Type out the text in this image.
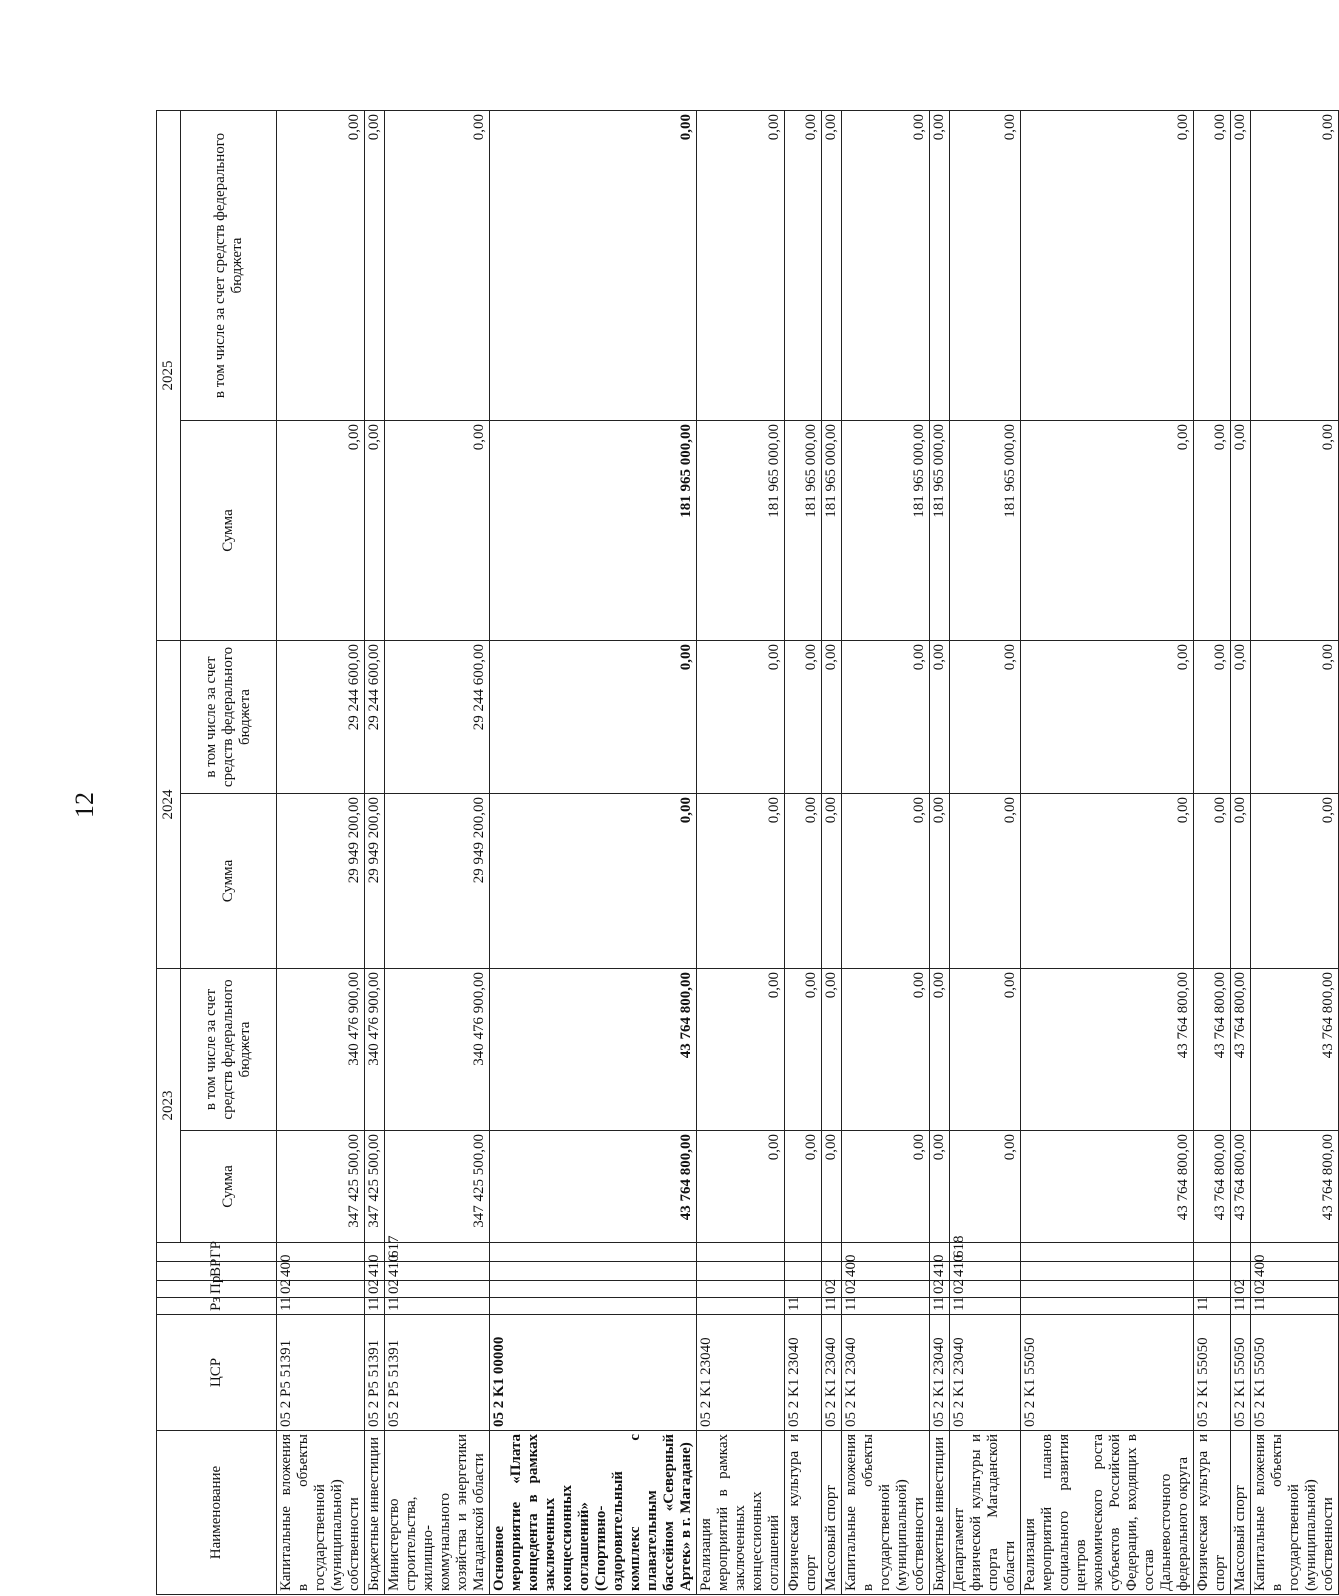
12
Наименование	ЦСР	Рз	Пр	ВР	ГР	2023		2024		2025	
						Сумма	в том числе за счет средств федерального бюджета	Сумма	в том числе за счет средств федерального бюджета	Сумма	в том числе за счет средств федерального бюджета
Капитальные вложения в объекты государственной (муниципальной) собственности	05 2 P5 51391	11	02	400		347 425 500,00	340 476 900,00	29 949 200,00	29 244 600,00	0,00	0,00
Бюджетные инвестиции	05 2 P5 51391	11	02	410		347 425 500,00	340 476 900,00	29 949 200,00	29 244 600,00	0,00	0,00
Министерство строительства, жилищно-коммунального хозяйства и энергетики Магаданской области	05 2 P5 51391	11	02	410	617	347 425 500,00	340 476 900,00	29 949 200,00	29 244 600,00	0,00	0,00
Основное мероприятие «Плата концедента в рамках заключенных концессионных соглашений» (Спортивно-оздоровительный комплекс с плавательным бассейном «Северный Артек» в г. Магадане)	05 2 K1 00000					43 764 800,00	43 764 800,00	0,00	0,00	181 965 000,00	0,00
Реализация мероприятий в рамках заключенных концессионных соглашений	05 2 K1 23040					0,00	0,00	0,00	0,00	181 965 000,00	0,00
Физическая культура и спорт	05 2 K1 23040	11				0,00	0,00	0,00	0,00	181 965 000,00	0,00
Массовый спорт	05 2 K1 23040	11	02			0,00	0,00	0,00	0,00	181 965 000,00	0,00
Капитальные вложения в объекты государственной (муниципальной) собственности	05 2 K1 23040	11	02	400		0,00	0,00	0,00	0,00	181 965 000,00	0,00
Бюджетные инвестиции	05 2 K1 23040	11	02	410		0,00	0,00	0,00	0,00	181 965 000,00	0,00
Департамент физической культуры и спорта Магаданской области	05 2 K1 23040	11	02	410	618	0,00	0,00	0,00	0,00	181 965 000,00	0,00
Реализация мероприятий планов социального развития центров экономического роста субъектов Российской Федерации, входящих в состав Дальневосточного федерального округа	05 2 K1 55050					43 764 800,00	43 764 800,00	0,00	0,00	0,00	0,00
Физическая культура и спорт	05 2 K1 55050	11				43 764 800,00	43 764 800,00	0,00	0,00	0,00	0,00
Массовый спорт	05 2 K1 55050	11	02			43 764 800,00	43 764 800,00	0,00	0,00	0,00	0,00
Капитальные вложения в объекты государственной (муниципальной) собственности	05 2 K1 55050	11	02	400		43 764 800,00	43 764 800,00	0,00	0,00	0,00	0,00
